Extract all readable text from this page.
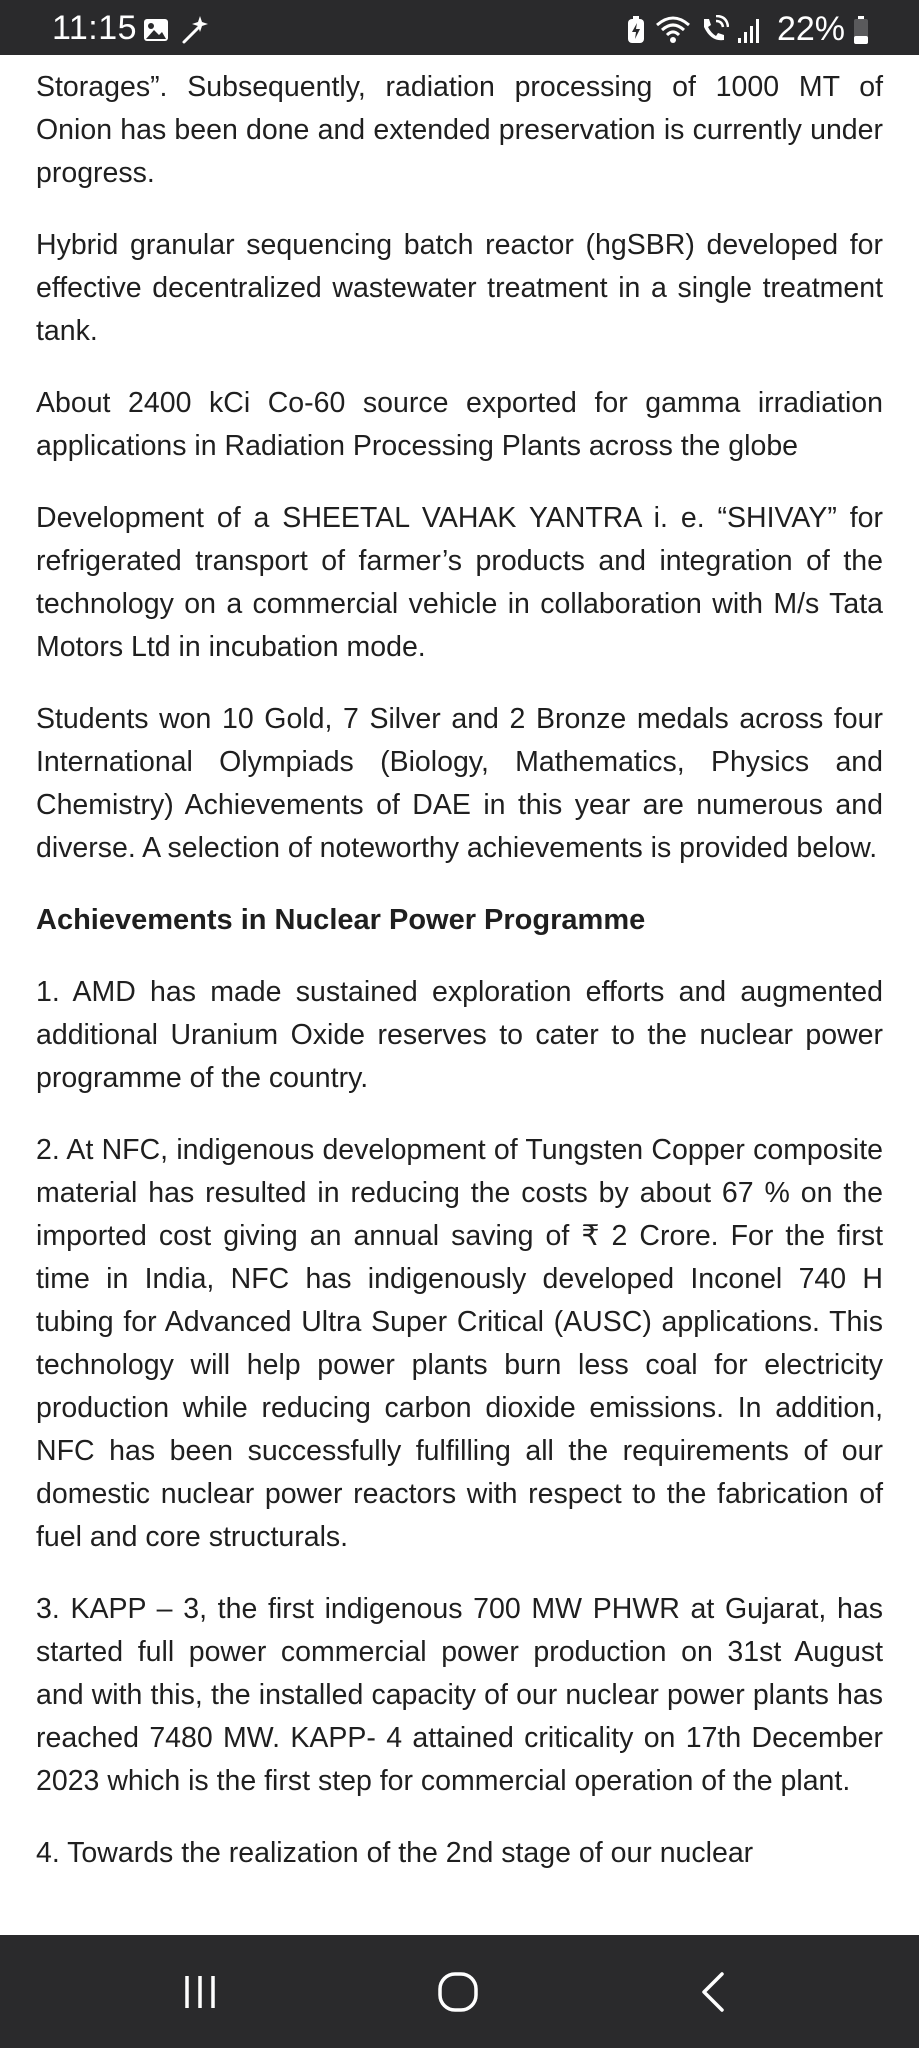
11:15	22%

Storages”. Subsequently, radiation processing of 1000 MT of Onion has been done and extended preservation is currently under progress.

Hybrid granular sequencing batch reactor (hgSBR) developed for effective decentralized wastewater treatment in a single treatment tank.

About 2400 kCi Co-60 source exported for gamma irradiation applications in Radiation Processing Plants across the globe

Development of a SHEETAL VAHAK YANTRA i. e. “SHIVAY” for refrigerated transport of farmer’s products and integration of the technology on a commercial vehicle in collaboration with M/s Tata Motors Ltd in incubation mode.

Students won 10 Gold, 7 Silver and 2 Bronze medals across four International Olympiads (Biology, Mathematics, Physics and Chemistry) Achievements of DAE in this year are numerous and diverse. A selection of noteworthy achievements is provided below.

Achievements in Nuclear Power Programme

1. AMD has made sustained exploration efforts and augmented additional Uranium Oxide reserves to cater to the nuclear power programme of the country.

2. At NFC, indigenous development of Tungsten Copper composite material has resulted in reducing the costs by about 67 % on the imported cost giving an annual saving of ₹ 2 Crore. For the first time in India, NFC has indigenously developed Inconel 740 H tubing for Advanced Ultra Super Critical (AUSC) applications. This technology will help power plants burn less coal for electricity production while reducing carbon dioxide emissions. In addition, NFC has been successfully fulfilling all the requirements of our domestic nuclear power reactors with respect to the fabrication of fuel and core structurals.

3. KAPP – 3, the first indigenous 700 MW PHWR at Gujarat, has started full power commercial power production on 31st August and with this, the installed capacity of our nuclear power plants has reached 7480 MW. KAPP- 4 attained criticality on 17th December 2023 which is the first step for commercial operation of the plant.

4. Towards the realization of the 2nd stage of our nuclear
